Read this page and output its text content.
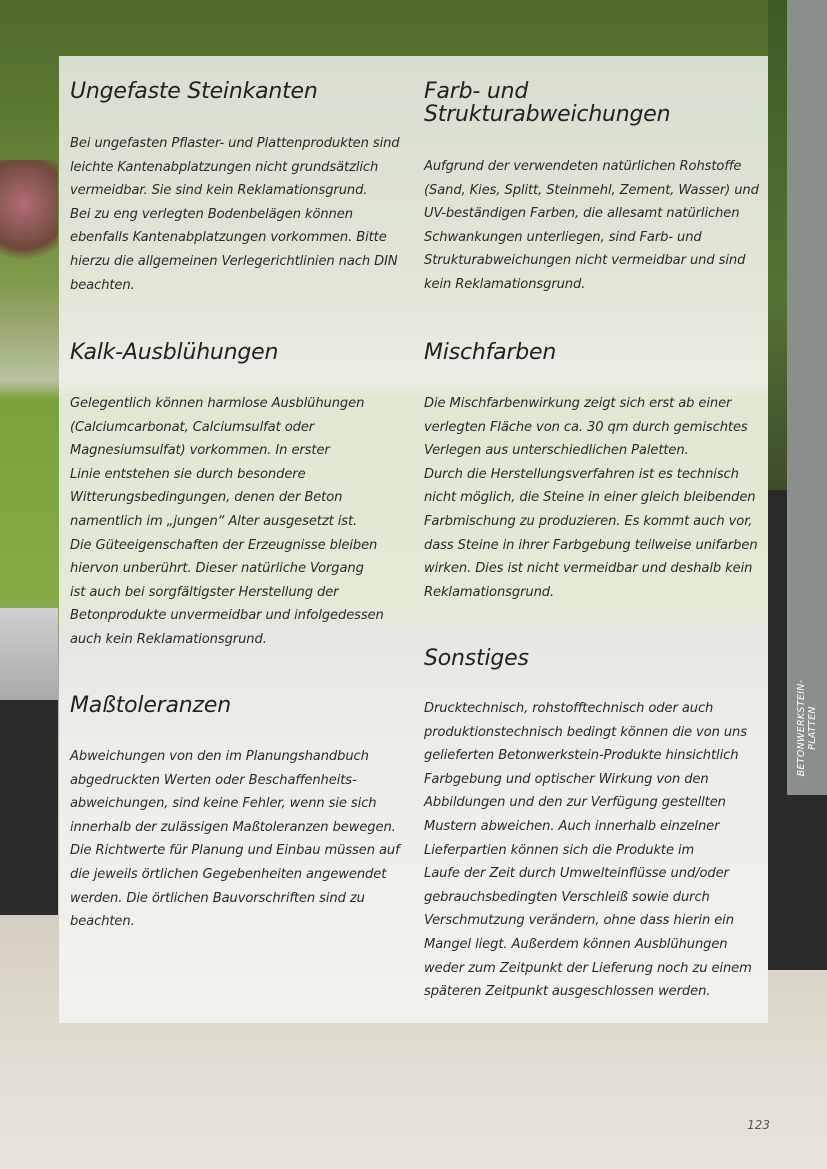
BETONWERKSTEIN- PLATTEN
Ungefaste Steinkanten

Bei ungefasten Pflaster- und Plattenprodukten sind
leichte Kantenabplatzungen nicht grundsätzlich
vermeidbar. Sie sind kein Reklamationsgrund.
Bei zu eng verlegten Bodenbelägen können
ebenfalls Kantenabplatzungen vorkommen. Bitte
hierzu die allgemeinen Verlegerichtlinien nach DIN
beachten.

Kalk-Ausblühungen

Gelegentlich können harmlose Ausblühungen
(Calciumcarbonat, Calciumsulfat oder
Magnesiumsulfat) vorkommen. In erster
Linie entstehen sie durch besondere
Witterungsbedingungen, denen der Beton
namentlich im „jungen“ Alter ausgesetzt ist.
Die Güteeigenschaften der Erzeugnisse bleiben
hiervon unberührt. Dieser natürliche Vorgang
ist auch bei sorgfältigster Herstellung der
Betonprodukte unvermeidbar und infolgedessen
auch kein Reklamationsgrund.

Maßtoleranzen

Abweichungen von den im Planungshandbuch
abgedruckten Werten oder Beschaffenheits-
abweichungen, sind keine Fehler, wenn sie sich
innerhalb der zulässigen Maßtoleranzen bewegen.
Die Richtwerte für Planung und Einbau müssen auf
die jeweils örtlichen Gegebenheiten angewendet
werden. Die örtlichen Bauvorschriften sind zu
beachten.

Farb- und
Strukturabweichungen

Aufgrund der verwendeten natürlichen Rohstoffe
(Sand, Kies, Splitt, Steinmehl, Zement, Wasser) und
UV-beständigen Farben, die allesamt natürlichen
Schwankungen unterliegen, sind Farb- und
Strukturabweichungen nicht vermeidbar und sind
kein Reklamationsgrund.

Mischfarben

Die Mischfarbenwirkung zeigt sich erst ab einer
verlegten Fläche von ca. 30 qm durch gemischtes
Verlegen aus unterschiedlichen Paletten.
Durch die Herstellungsverfahren ist es technisch
nicht möglich, die Steine in einer gleich bleibenden
Farbmischung zu produzieren. Es kommt auch vor,
dass Steine in ihrer Farbgebung teilweise unifarben
wirken. Dies ist nicht vermeidbar und deshalb kein
Reklamationsgrund.

Sonstiges

Drucktechnisch, rohstofftechnisch oder auch
produktionstechnisch bedingt können die von uns
gelieferten Betonwerkstein-Produkte hinsichtlich
Farbgebung und optischer Wirkung von den
Abbildungen und den zur Verfügung gestellten
Mustern abweichen. Auch innerhalb einzelner
Lieferpartien können sich die Produkte im
Laufe der Zeit durch Umwelteinflüsse und/oder
gebrauchsbedingten Verschleiß sowie durch
Verschmutzung verändern, ohne dass hierin ein
Mangel liegt. Außerdem können Ausblühungen
weder zum Zeitpunkt der Lieferung noch zu einem
späteren Zeitpunkt ausgeschlossen werden.

123
